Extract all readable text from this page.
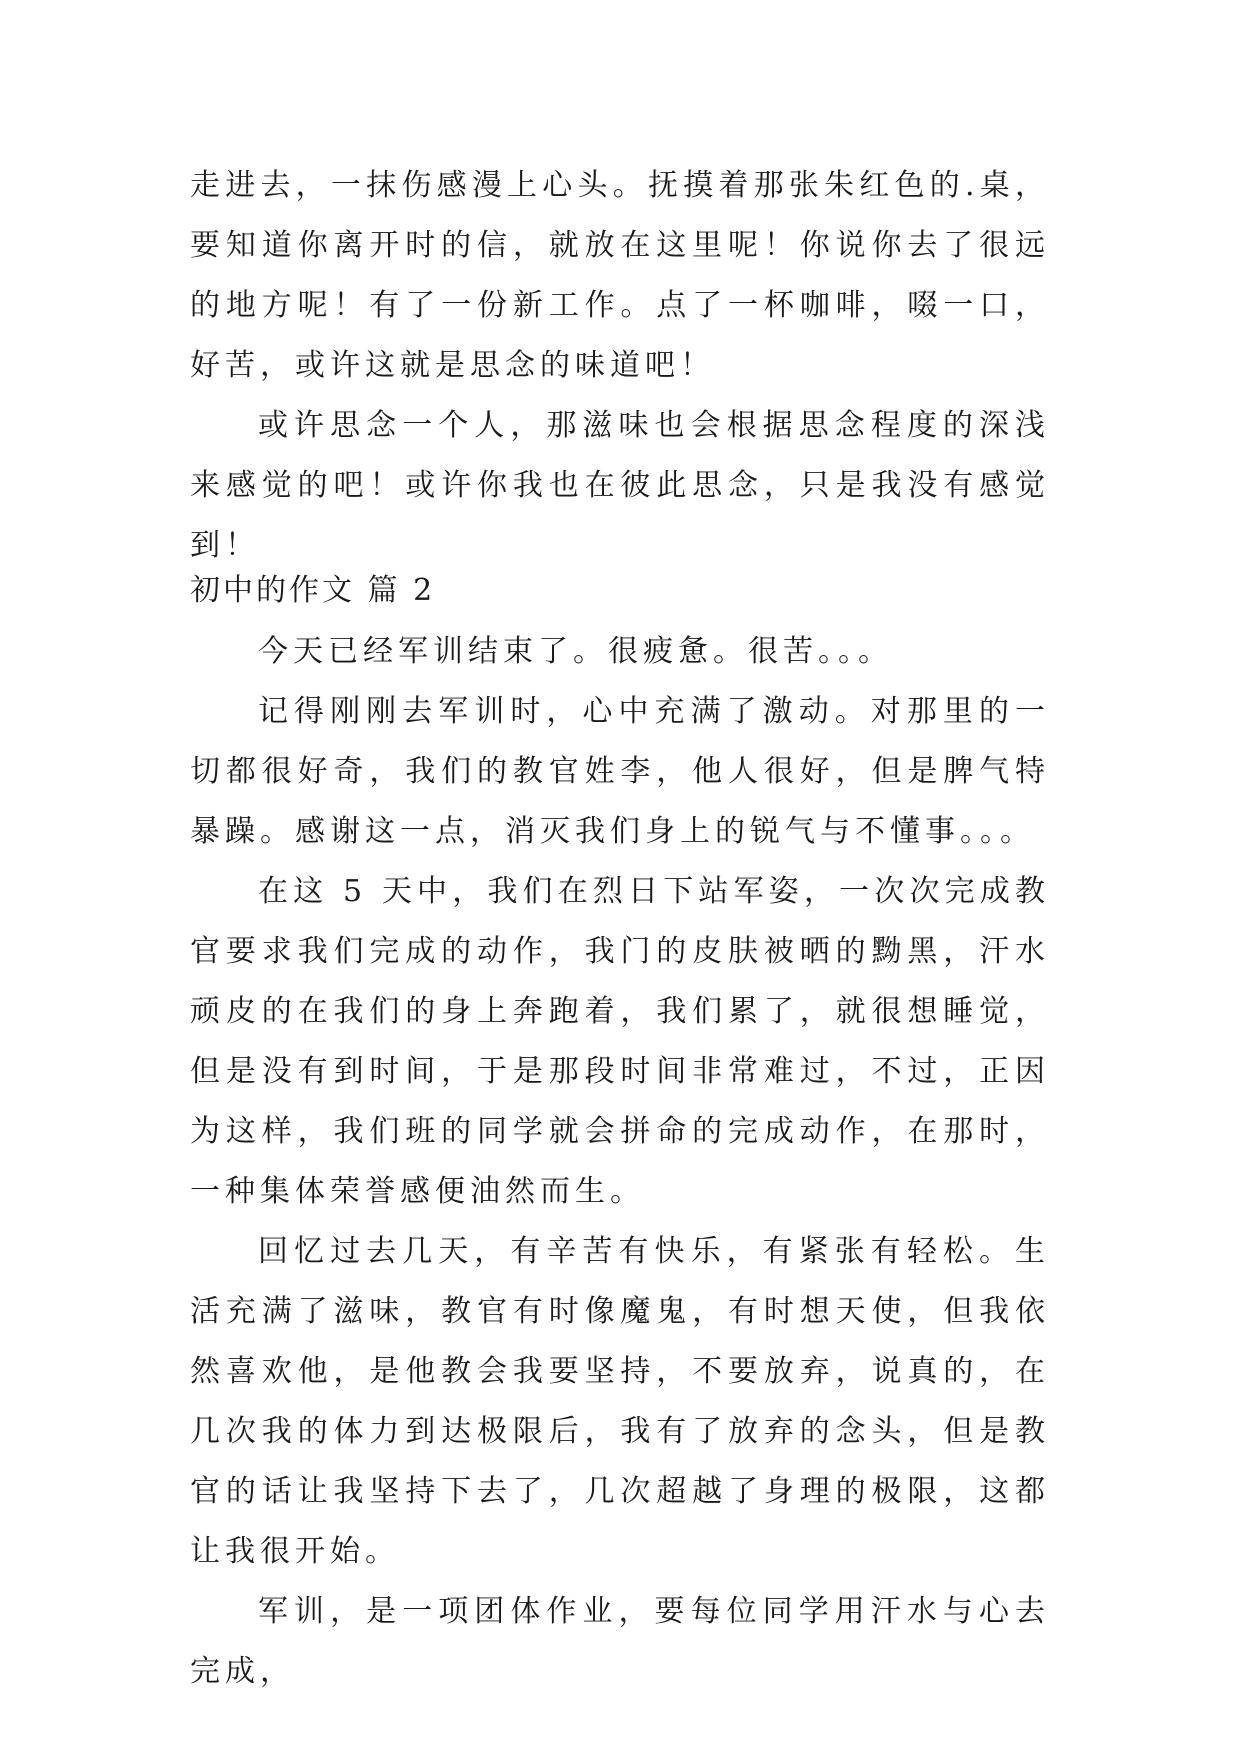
走进去，一抹伤感漫上心头。抚摸着那张朱红色的.桌，要知道你离开时的信，就放在这里呢！你说你去了很远的地方呢！有了一份新工作。点了一杯咖啡，啜一口，好苦，或许这就是思念的味道吧！

或许思念一个人，那滋味也会根据思念程度的深浅来感觉的吧！或许你我也在彼此思念，只是我没有感觉到！

初中的作文 篇 2

今天已经军训结束了。很疲惫。很苦。。。

记得刚刚去军训时，心中充满了激动。对那里的一切都很好奇，我们的教官姓李，他人很好，但是脾气特暴躁。感谢这一点，消灭我们身上的锐气与不懂事。。。

在这 5 天中，我们在烈日下站军姿，一次次完成教官要求我们完成的动作，我门的皮肤被晒的黝黑，汗水顽皮的在我们的身上奔跑着，我们累了，就很想睡觉，但是没有到时间，于是那段时间非常难过，不过，正因为这样，我们班的同学就会拼命的完成动作，在那时，一种集体荣誉感便油然而生。

回忆过去几天，有辛苦有快乐，有紧张有轻松。生活充满了滋味，教官有时像魔鬼，有时想天使，但我依然喜欢他，是他教会我要坚持，不要放弃，说真的，在几次我的体力到达极限后，我有了放弃的念头，但是教官的话让我坚持下去了，几次超越了身理的极限，这都让我很开始。

军训，是一项团体作业，要每位同学用汗水与心去完成，
